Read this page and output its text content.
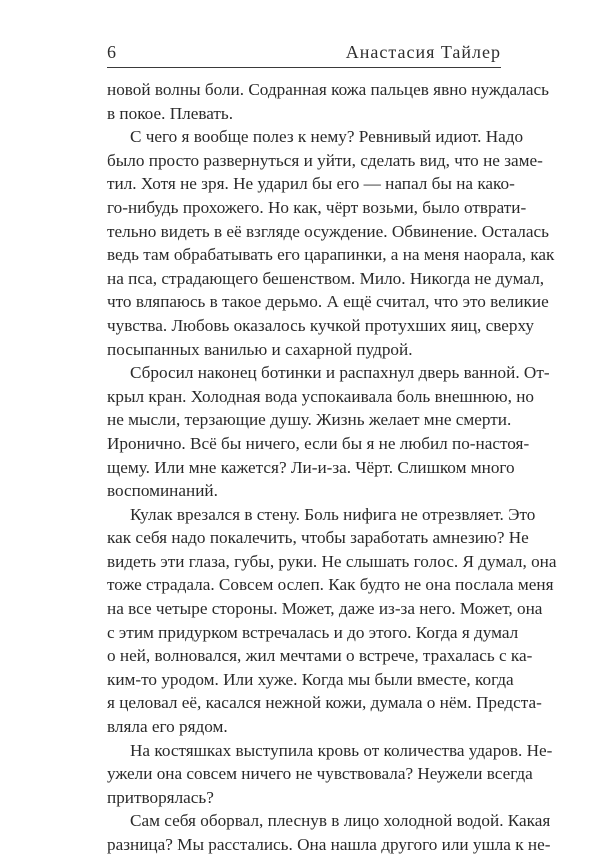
6	Анастасия Тайлер

новой волны боли. Содранная кожа пальцев явно нуждалась
в покое. Плевать.

С чего я вообще полез к нему? Ревнивый идиот. Надо
было просто развернуться и уйти, сделать вид, что не заме-
тил. Хотя не зря. Не ударил бы его — напал бы на како-
го-нибудь прохожего. Но как, чёрт возьми, было отврати-
тельно видеть в её взгляде осуждение. Обвинение. Осталась
ведь там обрабатывать его царапинки, а на меня наорала, как
на пса, страдающего бешенством. Мило. Никогда не думал,
что вляпаюсь в такое дерьмо. А ещё считал, что это великие
чувства. Любовь оказалось кучкой протухших яиц, сверху
посыпанных ванилью и сахарной пудрой.

Сбросил наконец ботинки и распахнул дверь ванной. От-
крыл кран. Холодная вода успокаивала боль внешнюю, но
не мысли, терзающие душу. Жизнь желает мне смерти.
Иронично. Всё бы ничего, если бы я не любил по-настоя-
щему. Или мне кажется? Ли-и-за. Чёрт. Слишком много
воспоминаний.

Кулак врезался в стену. Боль нифига не отрезвляет. Это
как себя надо покалечить, чтобы заработать амнезию? Не
видеть эти глаза, губы, руки. Не слышать голос. Я думал, она
тоже страдала. Совсем ослеп. Как будто не она послала меня
на все четыре стороны. Может, даже из-за него. Может, она
с этим придурком встречалась и до этого. Когда я думал
о ней, волновался, жил мечтами о встрече, трахалась с ка-
ким-то уродом. Или хуже. Когда мы были вместе, когда
я целовал её, касался нежной кожи, думала о нём. Предста-
вляла его рядом.

На костяшках выступила кровь от количества ударов. Не-
ужели она совсем ничего не чувствовала? Неужели всегда
притворялась?

Сам себя оборвал, плеснув в лицо холодной водой. Какая
разница? Мы расстались. Она нашла другого или ушла к не-
